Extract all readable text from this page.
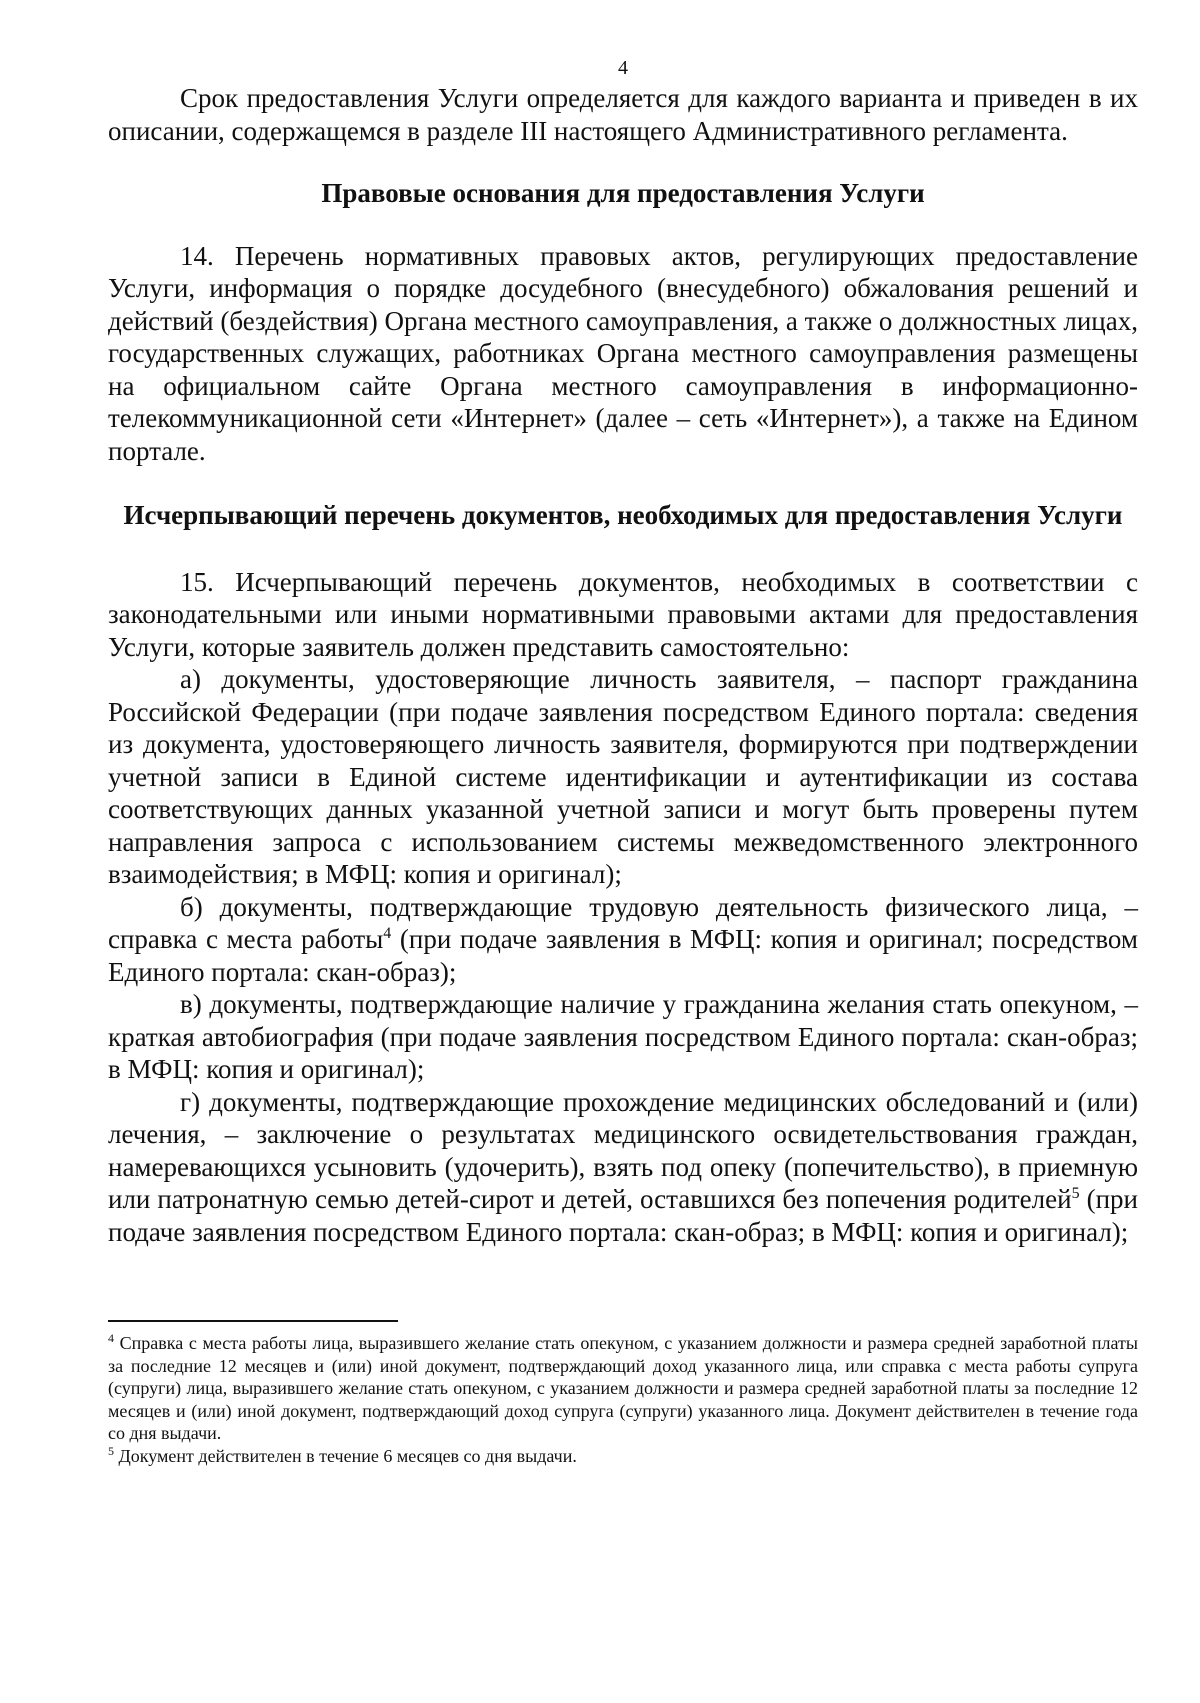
4

Срок предоставления Услуги определяется для каждого варианта и приведен в их описании, содержащемся в разделе III настоящего Административного регламента.

Правовые основания для предоставления Услуги

14. Перечень нормативных правовых актов, регулирующих предоставление Услуги, информация о порядке досудебного (внесудебного) обжалования решений и действий (бездействия) Органа местного самоуправления, а также о должностных лицах, государственных служащих, работниках Органа местного самоуправления размещены на официальном сайте Органа местного самоуправления в информационно-телекоммуникационной сети «Интернет» (далее – сеть «Интернет»), а также на Едином портале.

Исчерпывающий перечень документов, необходимых для предоставления Услуги

15. Исчерпывающий перечень документов, необходимых в соответствии с законодательными или иными нормативными правовыми актами для предоставления Услуги, которые заявитель должен представить самостоятельно:

а) документы, удостоверяющие личность заявителя, – паспорт гражданина Российской Федерации (при подаче заявления посредством Единого портала: сведения из документа, удостоверяющего личность заявителя, формируются при подтверждении учетной записи в Единой системе идентификации и аутентификации из состава соответствующих данных указанной учетной записи и могут быть проверены путем направления запроса с использованием системы межведомственного электронного взаимодействия; в МФЦ: копия и оригинал);

б) документы, подтверждающие трудовую деятельность физического лица, – справка с места работы$^4$ (при подаче заявления в МФЦ: копия и оригинал; посредством Единого портала: скан-образ);

в) документы, подтверждающие наличие у гражданина желания стать опекуном, – краткая автобиография (при подаче заявления посредством Единого портала: скан-образ; в МФЦ: копия и оригинал);

г) документы, подтверждающие прохождение медицинских обследований и (или) лечения, – заключение о результатах медицинского освидетельствования граждан, намеревающихся усыновить (удочерить), взять под опеку (попечительство), в приемную или патронатную семью детей-сирот и детей, оставшихся без попечения родителей$^5$ (при подаче заявления посредством Единого портала: скан-образ; в МФЦ: копия и оригинал);

$^4$ Справка с места работы лица, выразившего желание стать опекуном, с указанием должности и размера средней заработной платы за последние 12 месяцев и (или) иной документ, подтверждающий доход указанного лица, или справка с места работы супруга (супруги) лица, выразившего желание стать опекуном, с указанием должности и размера средней заработной платы за последние 12 месяцев и (или) иной документ, подтверждающий доход супруга (супруги) указанного лица. Документ действителен в течение года со дня выдачи.

$^5$ Документ действителен в течение 6 месяцев со дня выдачи.
